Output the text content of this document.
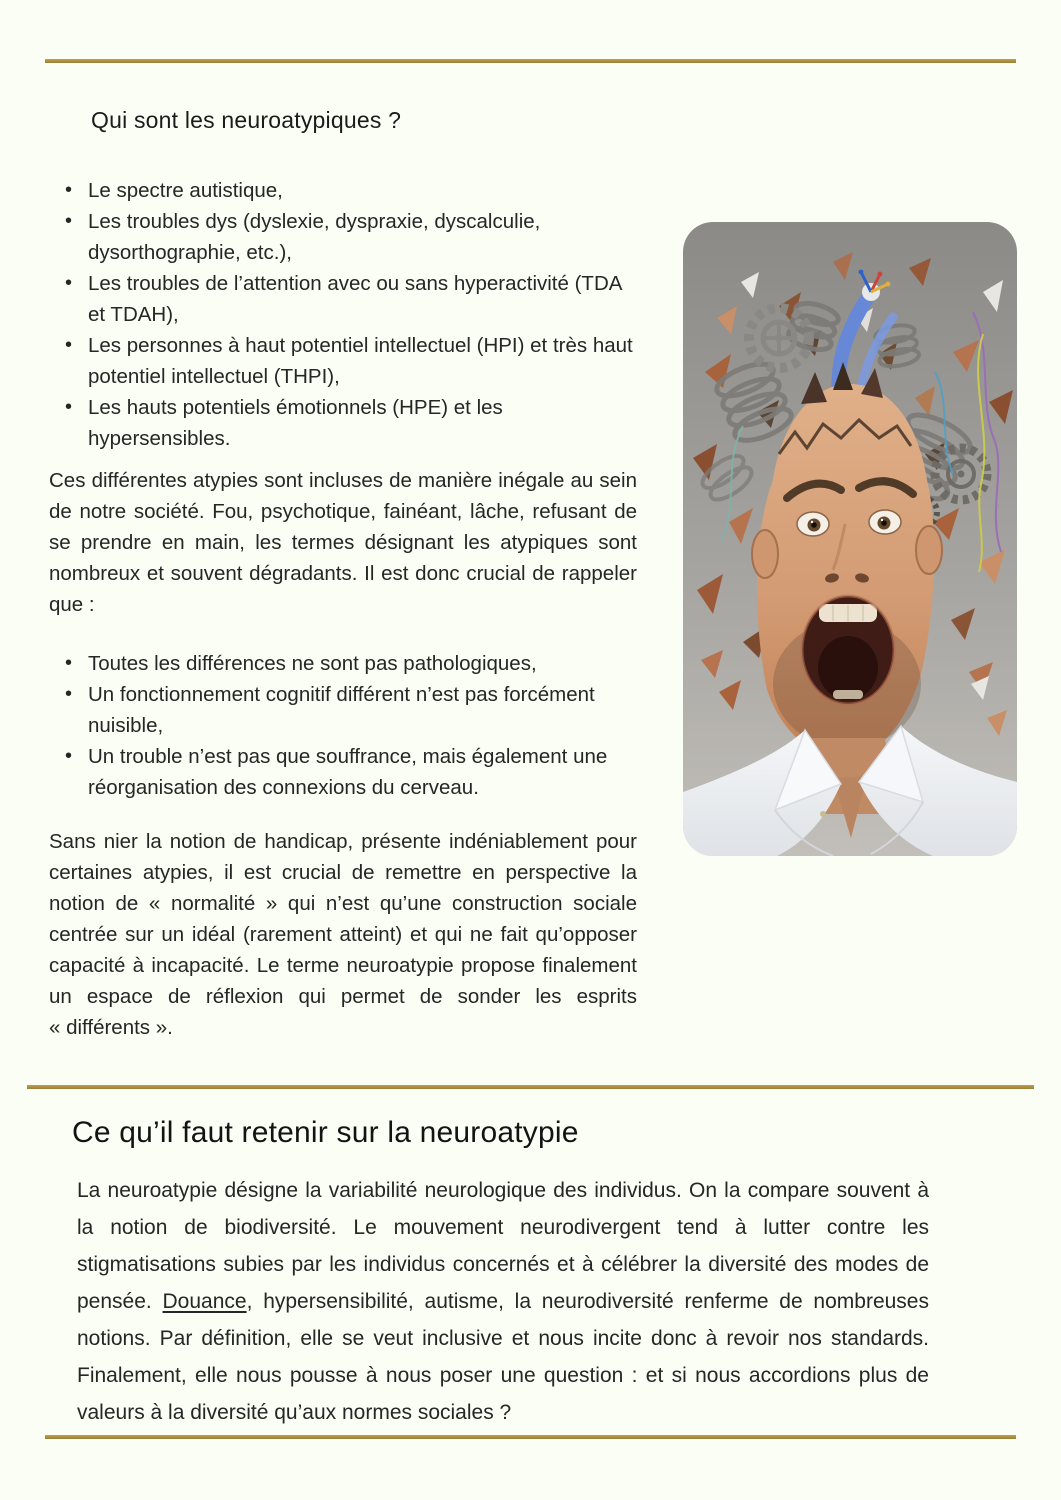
Qui sont les neuroatypiques ?
• Le spectre autistique,
• Les troubles dys (dyslexie, dyspraxie, dyscalculie, dysorthographie, etc.),
• Les troubles de l’attention avec ou sans hyperactivité (TDA et TDAH),
• Les personnes à haut potentiel intellectuel (HPI) et très haut potentiel intellectuel (THPI),
• Les hauts potentiels émotionnels (HPE) et les hypersensibles.

Ces différentes atypies sont incluses de manière inégale au sein de notre société. Fou, psychotique, fainéant, lâche, refusant de se prendre en main, les termes désignant les atypiques sont nombreux et souvent dégradants. Il est donc crucial de rappeler que :

• Toutes les différences ne sont pas pathologiques,
• Un fonctionnement cognitif différent n’est pas forcément nuisible,
• Un trouble n’est pas que souffrance, mais également une réorganisation des connexions du cerveau.

Sans nier la notion de handicap, présente indéniablement pour certaines atypies, il est crucial de remettre en perspective la notion de « normalité » qui n’est qu’une construction sociale centrée sur un idéal (rarement atteint) et qui ne fait qu’opposer capacité à incapacité. Le terme neuroatypie propose finalement un espace de réflexion qui permet de sonder les esprits « différents ».

Ce qu’il faut retenir sur la neuroatypie

La neuroatypie désigne la variabilité neurologique des individus. On la compare souvent à la notion de biodiversité. Le mouvement neurodivergent tend à lutter contre les stigmatisations subies par les individus concernés et à célébrer la diversité des modes de pensée. Douance, hypersensibilité, autisme, la neurodiversité renferme de nombreuses notions. Par définition, elle se veut inclusive et nous incite donc à revoir nos standards. Finalement, elle nous pousse à nous poser une question : et si nous accordions plus de valeurs à la diversité qu’aux normes sociales ?
